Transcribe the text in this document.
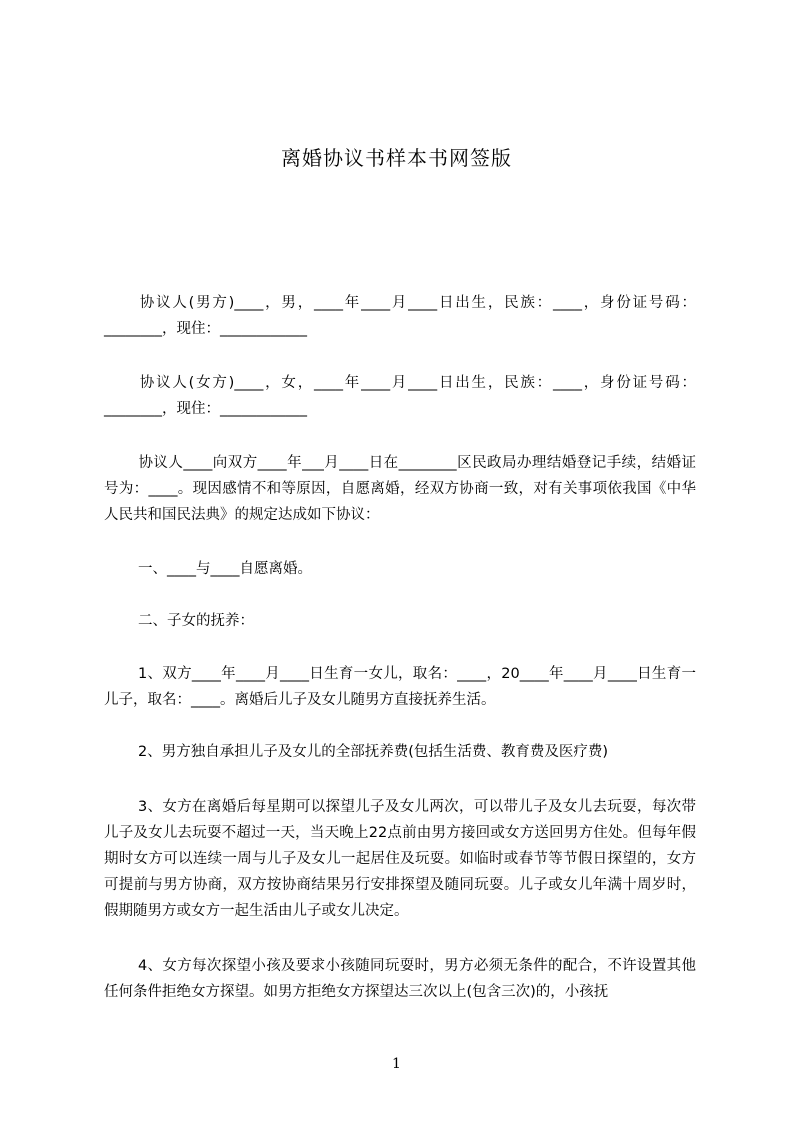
离婚协议书样本书网签版
协议人(男方)____，男，____年____月____日出生，民族：____，身份证号码：________，现住：____________
协议人(女方)____，女，____年____月____日出生，民族：____，身份证号码：________，现住：____________
协议人____向双方____年___月____日在________区民政局办理结婚登记手续，结婚证号为：____。现因感情不和等原因，自愿离婚，经双方协商一致，对有关事项依我国《中华人民共和国民法典》的规定达成如下协议：
一、____与____自愿离婚。
二、子女的抚养：
1、双方____年____月____日生育一女儿，取名：____，20____年____月____日生育一儿子，取名：____。离婚后儿子及女儿随男方直接抚养生活。
2、男方独自承担儿子及女儿的全部抚养费(包括生活费、教育费及医疗费)
3、女方在离婚后每星期可以探望儿子及女儿两次，可以带儿子及女儿去玩耍，每次带儿子及女儿去玩耍不超过一天，当天晚上22点前由男方接回或女方送回男方住处。但每年假期时女方可以连续一周与儿子及女儿一起居住及玩耍。如临时或春节等节假日探望的，女方可提前与男方协商，双方按协商结果另行安排探望及随同玩耍。儿子或女儿年满十周岁时，假期随男方或女方一起生活由儿子或女儿决定。
4、女方每次探望小孩及要求小孩随同玩耍时，男方必须无条件的配合，不许设置其他任何条件拒绝女方探望。如男方拒绝女方探望达三次以上(包含三次)的，小孩抚
1
